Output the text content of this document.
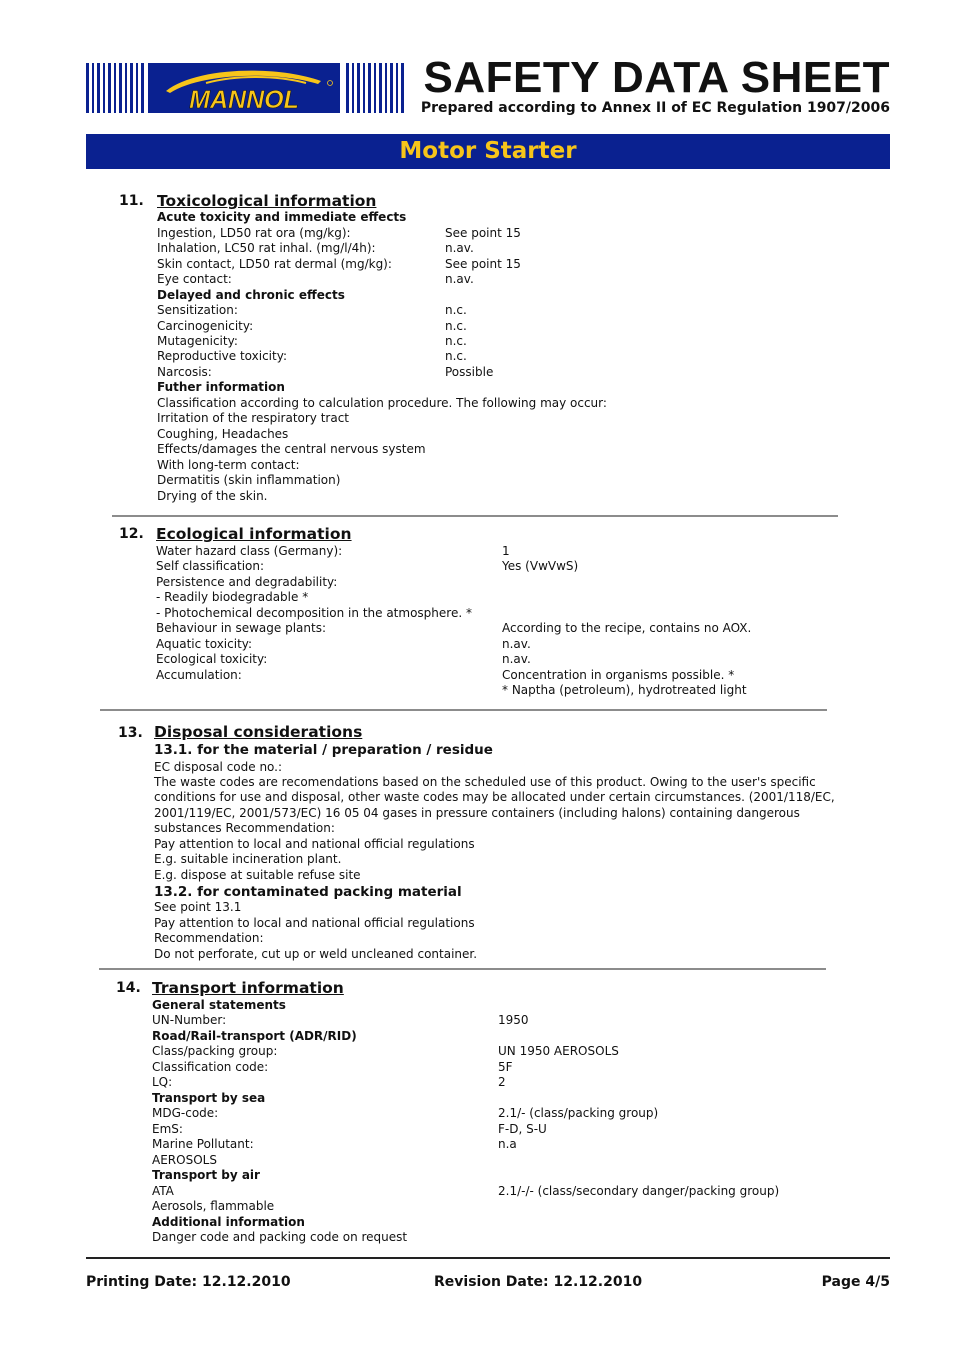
MANNOL	SAFETY DATA SHEET
Prepared according to Annex II of EC Regulation 1907/2006
Motor Starter
11. Toxicological information
Acute toxicity and immediate effects
Ingestion, LD50 rat ora (mg/kg):	See point 15
Inhalation, LC50 rat inhal. (mg/l/4h):	n.av.
Skin contact, LD50 rat dermal (mg/kg):	See point 15
Eye contact:	n.av.
Delayed and chronic effects
Sensitization:	n.c.
Carcinogenicity:	n.c.
Mutagenicity:	n.c.
Reproductive toxicity:	n.c.
Narcosis:	Possible
Futher information
Classification according to calculation procedure. The following may occur:
Irritation of the respiratory tract
Coughing, Headaches
Effects/damages the central nervous system
With long-term contact:
Dermatitis (skin inflammation)
Drying of the skin.
12. Ecological information
Water hazard class (Germany):	1
Self classification:	Yes (VwVwS)
Persistence and degradability:
- Readily biodegradable *
- Photochemical decomposition in the atmosphere. *
Behaviour in sewage plants:	According to the recipe, contains no AOX.
Aquatic toxicity:	n.av.
Ecological toxicity:	n.av.
Accumulation:	Concentration in organisms possible. *
* Naptha (petroleum), hydrotreated light
13. Disposal considerations
13.1. for the material / preparation / residue
EC disposal code no.:
The waste codes are recomendations based on the scheduled use of this product. Owing to the user's specific
conditions for use and disposal, other waste codes may be allocated under certain circumstances. (2001/118/EC,
2001/119/EC, 2001/573/EC) 16 05 04 gases in pressure containers (including halons) containing dangerous
substances Recommendation:
Pay attention to local and national official regulations
E.g. suitable incineration plant.
E.g. dispose at suitable refuse site
13.2. for contaminated packing material
See point 13.1
Pay attention to local and national official regulations
Recommendation:
Do not perforate, cut up or weld uncleaned container.
14. Transport information
General statements
UN-Number:	1950
Road/Rail-transport (ADR/RID)
Class/packing group:	UN 1950 AEROSOLS
Classification code:	5F
LQ:	2
Transport by sea
MDG-code:	2.1/- (class/packing group)
EmS:	F-D, S-U
Marine Pollutant:	n.a
AEROSOLS
Transport by air
ATA	2.1/-/- (class/secondary danger/packing group)
Aerosols, flammable
Additional information
Danger code and packing code on request
Printing Date: 12.12.2010	Revision Date: 12.12.2010	Page 4/5
